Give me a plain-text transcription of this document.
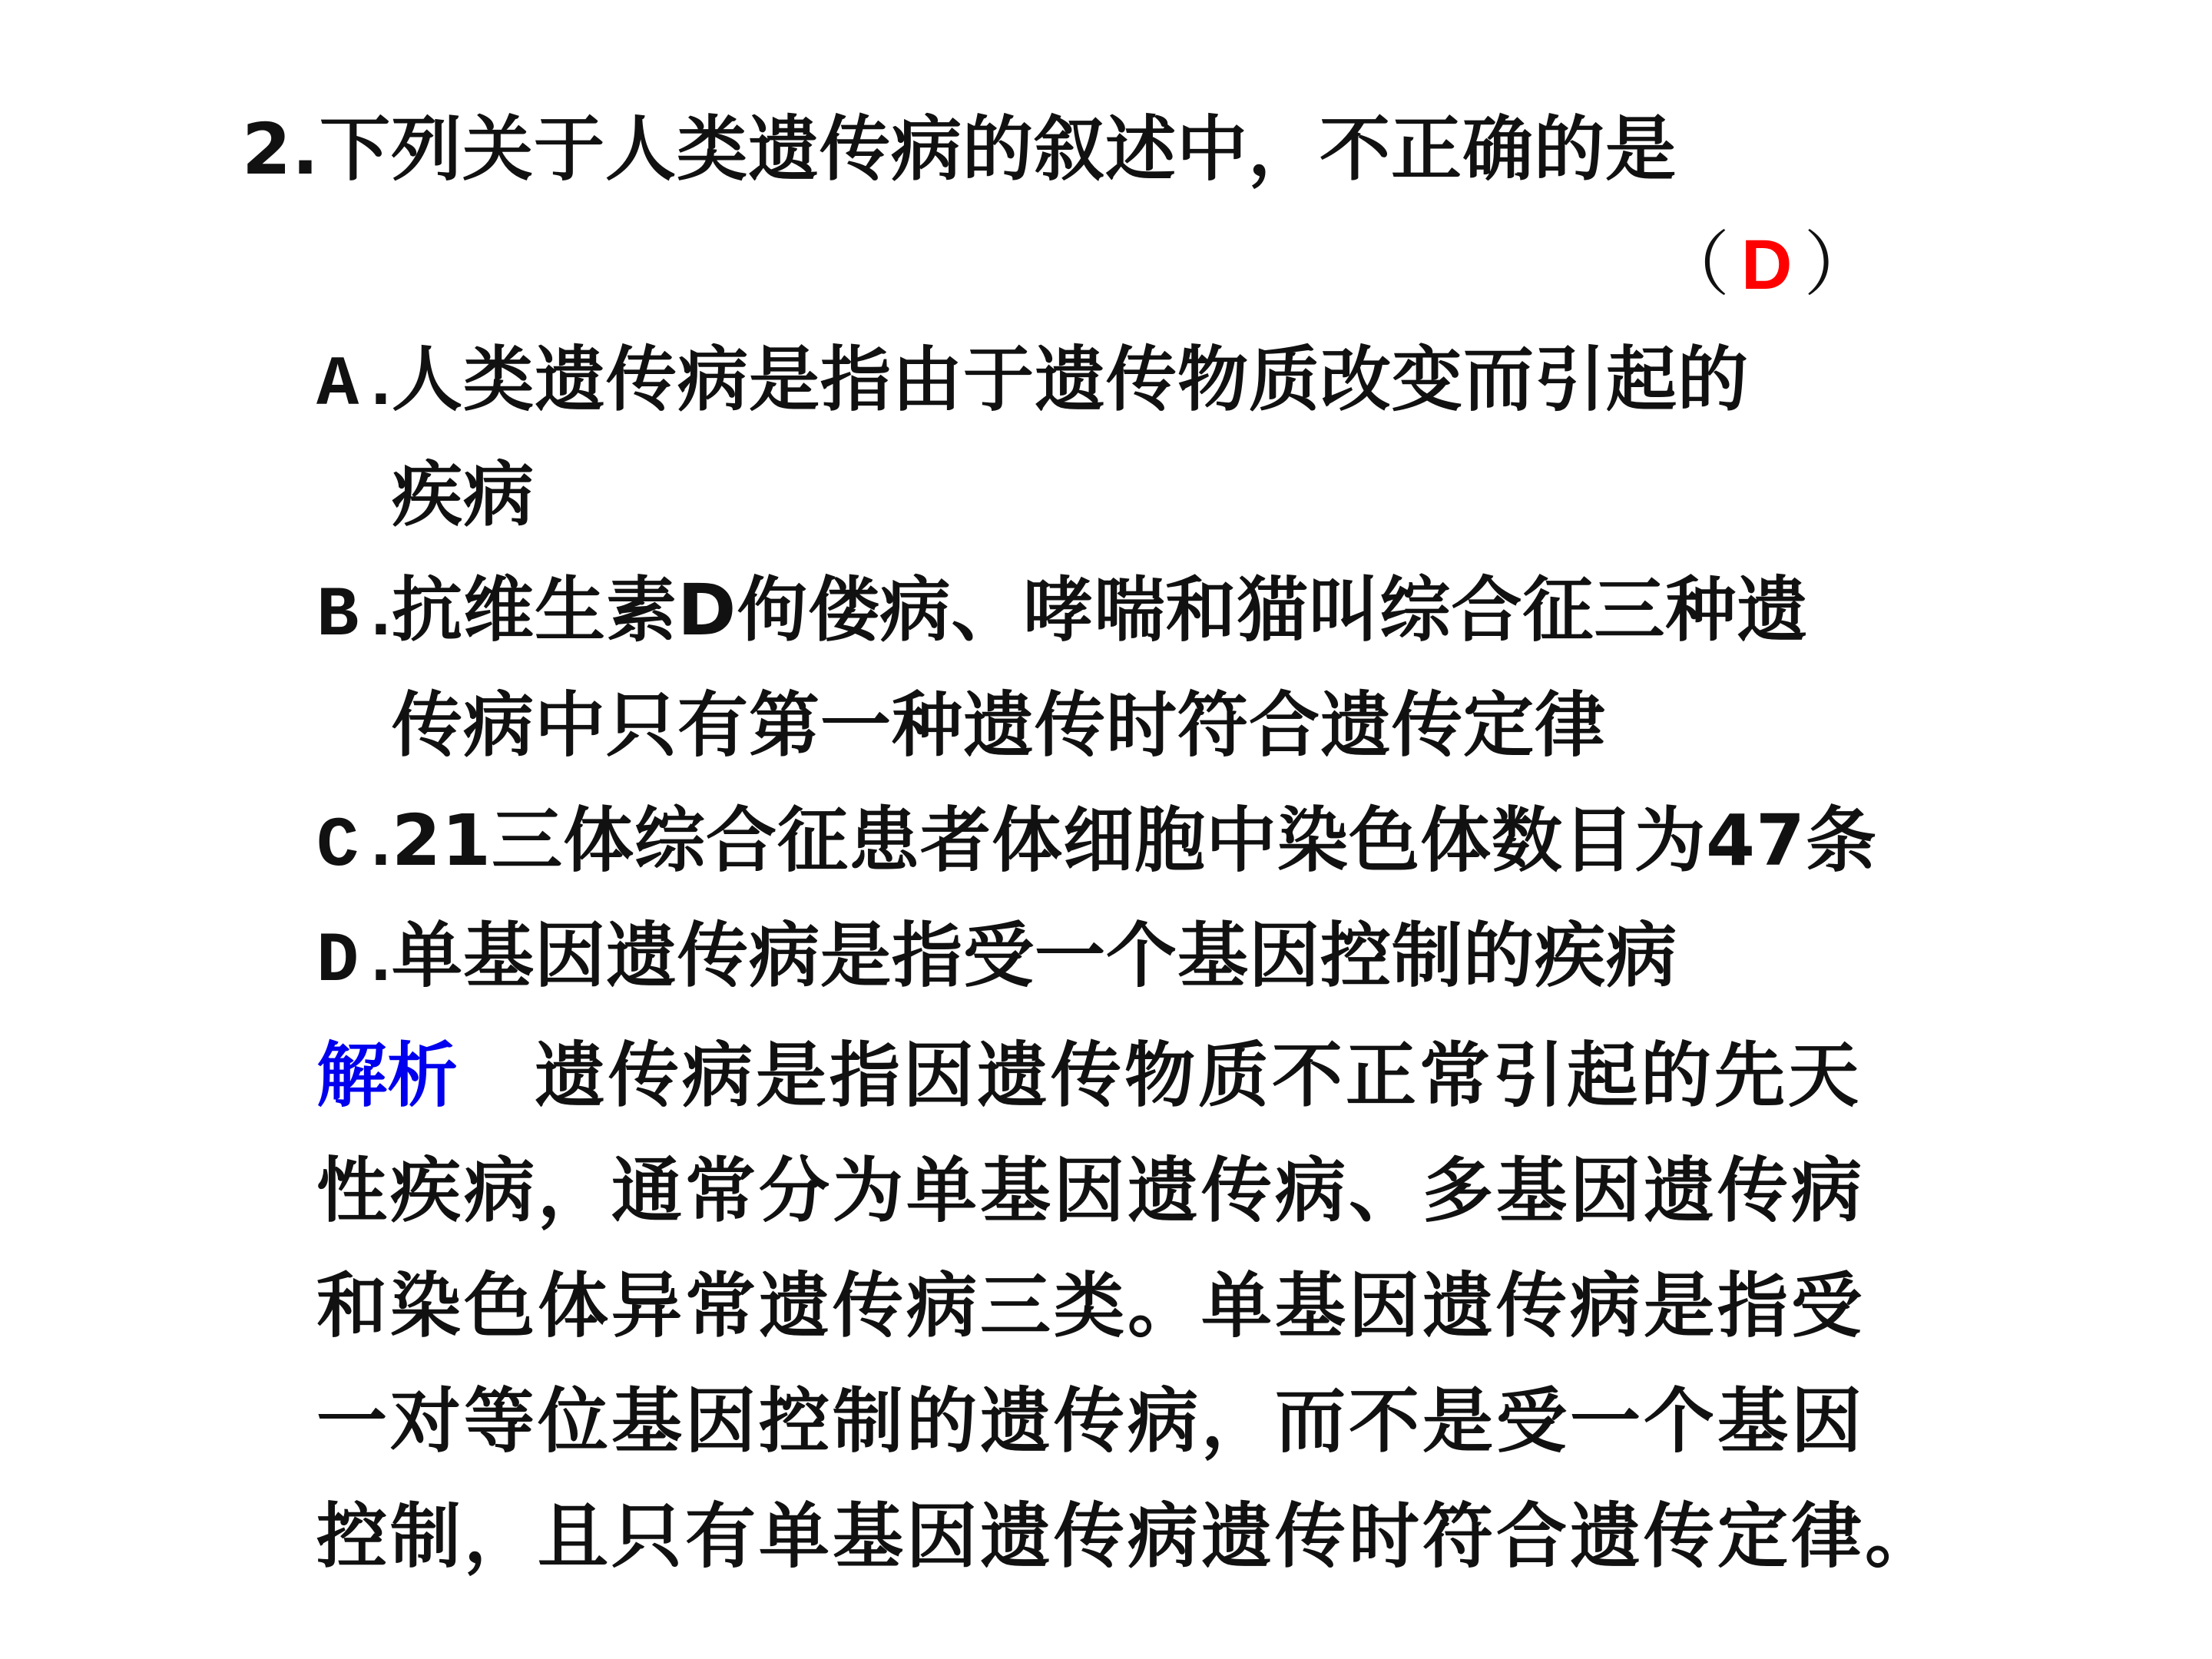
2.下列关于人类遗传病的叙述中，不正确的是
（ D ）
A.人类遗传病是指由于遗传物质改变而引起的
疾病
B.抗维生素D佝偻病、哮喘和猫叫综合征三种遗
传病中只有第一种遗传时符合遗传定律
C.21三体综合征患者体细胞中染色体数目为47条
D.单基因遗传病是指受一个基因控制的疾病
解析 遗传病是指因遗传物质不正常引起的先天
性疾病，通常分为单基因遗传病、多基因遗传病
和染色体异常遗传病三类。单基因遗传病是指受
一对等位基因控制的遗传病，而不是受一个基因
控制，且只有单基因遗传病遗传时符合遗传定律。
